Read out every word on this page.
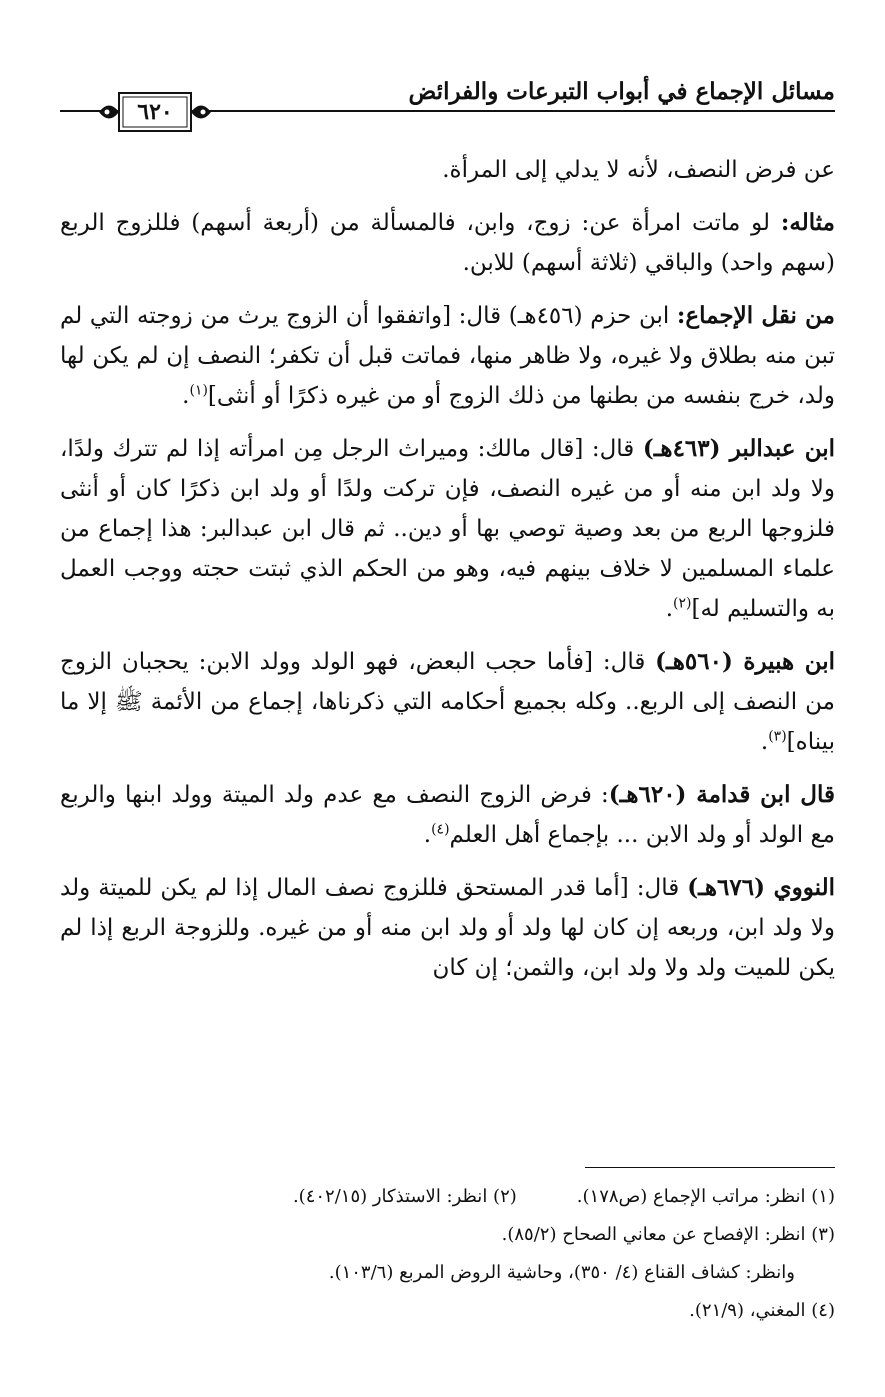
مسائل الإجماع في أبواب التبرعات والفرائض
٦٢٠

عن فرض النصف، لأنه لا يدلي إلى المرأة.

مثاله: لو ماتت امرأة عن: زوج، وابن، فالمسألة من (أربعة أسهم) فللزوج الربع (سهم واحد) والباقي (ثلاثة أسهم) للابن.

من نقل الإجماع: ابن حزم (٤٥٦هـ) قال: [واتفقوا أن الزوج يرث من زوجته التي لم تبن منه بطلاق ولا غيره، ولا ظاهر منها، فماتت قبل أن تكفر؛ النصف إن لم يكن لها ولد، خرج بنفسه من بطنها من ذلك الزوج أو من غيره ذكرًا أو أنثى]$^{(١)}$.

ابن عبدالبر (٤٦٣هـ) قال: [قال مالك: وميراث الرجل مِن امرأته إذا لم تترك ولدًا، ولا ولد ابن منه أو من غيره النصف، فإن تركت ولدًا أو ولد ابن ذكرًا كان أو أنثى فلزوجها الربع من بعد وصية توصي بها أو دين.. ثم قال ابن عبدالبر: هذا إجماع من علماء المسلمين لا خلاف بينهم فيه، وهو من الحكم الذي ثبتت حجته ووجب العمل به والتسليم له]$^{(٢)}$.

ابن هبيرة (٥٦٠هـ) قال: [فأما حجب البعض، فهو الولد وولد الابن: يحجبان الزوج من النصف إلى الربع.. وكله بجميع أحكامه التي ذكرناها، إجماع من الأئمة ﷺ إلا ما بيناه]$^{(٣)}$.

قال ابن قدامة (٦٢٠هـ): فرض الزوج النصف مع عدم ولد الميتة وولد ابنها والربع مع الولد أو ولد الابن ... بإجماع أهل العلم$^{(٤)}$.

النووي (٦٧٦هـ) قال: [أما قدر المستحق فللزوج نصف المال إذا لم يكن للميتة ولد ولا ولد ابن، وربعه إن كان لها ولد أو ولد ابن منه أو من غيره. وللزوجة الربع إذا لم يكن للميت ولد ولا ولد ابن، والثمن؛ إن كان

(١) انظر: مراتب الإجماع (ص١٧٨).
(٢) انظر: الاستذكار (٤٠٢/١٥).
(٣) انظر: الإفصاح عن معاني الصحاح (٨٥/٢).
وانظر: كشاف القناع (٤/ ٣٥٠)، وحاشية الروض المربع (١٠٣/٦).
(٤) المغني، (٢١/٩).
